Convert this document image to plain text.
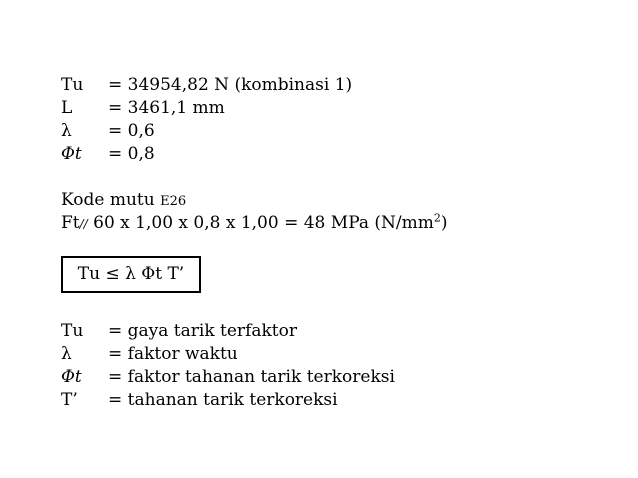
Tu = 34954,82 N (kombinasi 1)
L = 3461,1 mm
λ = 0,6
Φt = 0,8
Kode mutu E26
Ft// 60 x 1,00 x 0,8 x 1,00 = 48 MPa $(N/mm^2)$
Tu ≤ λ Φt T’
Tu = gaya tarik terfaktor
λ = faktor waktu
Φt = faktor tahanan tarik terkoreksi
T’ = tahanan tarik terkoreksi
